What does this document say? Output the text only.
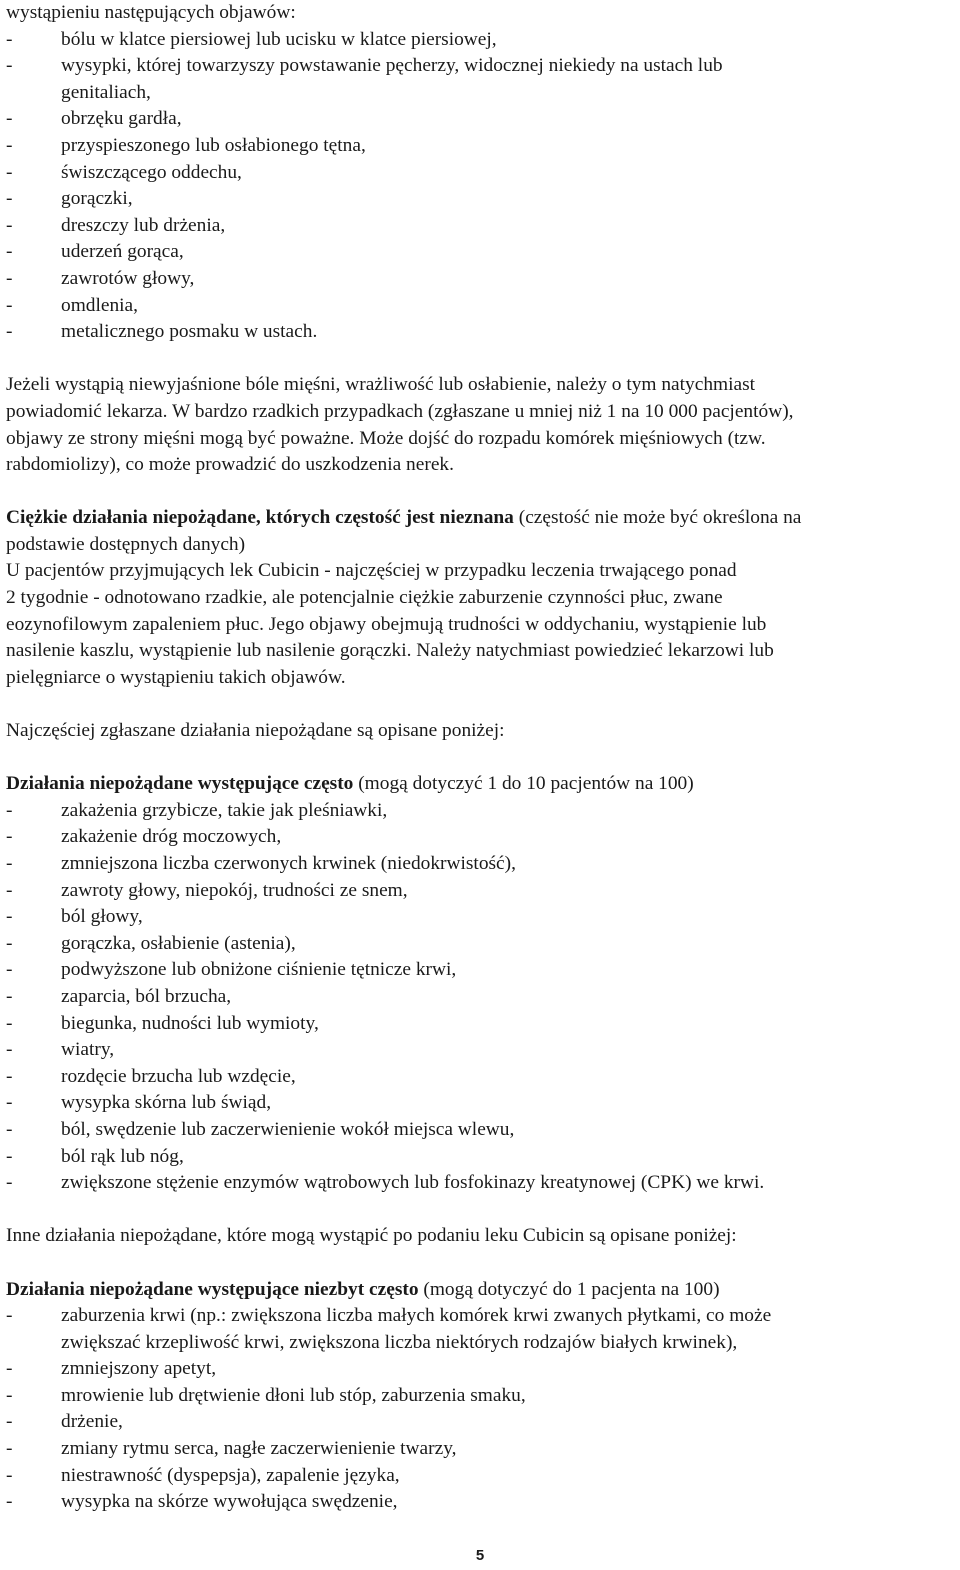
wystąpieniu następujących objawów:
-	bólu w klatce piersiowej lub ucisku w klatce piersiowej,
-	wysypki, której towarzyszy powstawanie pęcherzy, widocznej niekiedy na ustach lub
genitaliach,
-	obrzęku gardła,
-	przyspieszonego lub osłabionego tętna,
-	świszczącego oddechu,
-	gorączki,
-	dreszczy lub drżenia,
-	uderzeń gorąca,
-	zawrotów głowy,
-	omdlenia,
-	metalicznego posmaku w ustach.
Jeżeli wystąpią niewyjaśnione bóle mięśni, wrażliwość lub osłabienie, należy o tym natychmiast
powiadomić lekarza. W bardzo rzadkich przypadkach (zgłaszane u mniej niż 1 na 10 000 pacjentów),
objawy ze strony mięśni mogą być poważne. Może dojść do rozpadu komórek mięśniowych (tzw.
rabdomiolizy), co może prowadzić do uszkodzenia nerek.
Ciężkie działania niepożądane, których częstość jest nieznana (częstość nie może być określona na
podstawie dostępnych danych)
U pacjentów przyjmujących lek Cubicin - najczęściej w przypadku leczenia trwającego ponad
2 tygodnie - odnotowano rzadkie, ale potencjalnie ciężkie zaburzenie czynności płuc, zwane
eozynofilowym zapaleniem płuc. Jego objawy obejmują trudności w oddychaniu, wystąpienie lub
nasilenie kaszlu, wystąpienie lub nasilenie gorączki. Należy natychmiast powiedzieć lekarzowi lub
pielęgniarce o wystąpieniu takich objawów.
Najczęściej zgłaszane działania niepożądane są opisane poniżej:
Działania niepożądane występujące często (mogą dotyczyć 1 do 10 pacjentów na 100)
-	zakażenia grzybicze, takie jak pleśniawki,
-	zakażenie dróg moczowych,
-	zmniejszona liczba czerwonych krwinek (niedokrwistość),
-	zawroty głowy, niepokój, trudności ze snem,
-	ból głowy,
-	gorączka, osłabienie (astenia),
-	podwyższone lub obniżone ciśnienie tętnicze krwi,
-	zaparcia, ból brzucha,
-	biegunka, nudności lub wymioty,
-	wiatry,
-	rozdęcie brzucha lub wzdęcie,
-	wysypka skórna lub świąd,
-	ból, swędzenie lub zaczerwienienie wokół miejsca wlewu,
-	ból rąk lub nóg,
-	zwiększone stężenie enzymów wątrobowych lub fosfokinazy kreatynowej (CPK) we krwi.
Inne działania niepożądane, które mogą wystąpić po podaniu leku Cubicin są opisane poniżej:
Działania niepożądane występujące niezbyt często (mogą dotyczyć do 1 pacjenta na 100)
-	zaburzenia krwi (np.: zwiększona liczba małych komórek krwi zwanych płytkami, co może
zwiększać krzepliwość krwi, zwiększona liczba niektórych rodzajów białych krwinek),
-	zmniejszony apetyt,
-	mrowienie lub drętwienie dłoni lub stóp, zaburzenia smaku,
-	drżenie,
-	zmiany rytmu serca, nagłe zaczerwienienie twarzy,
-	niestrawność (dyspepsja), zapalenie języka,
-	wysypka na skórze wywołująca swędzenie,
5
